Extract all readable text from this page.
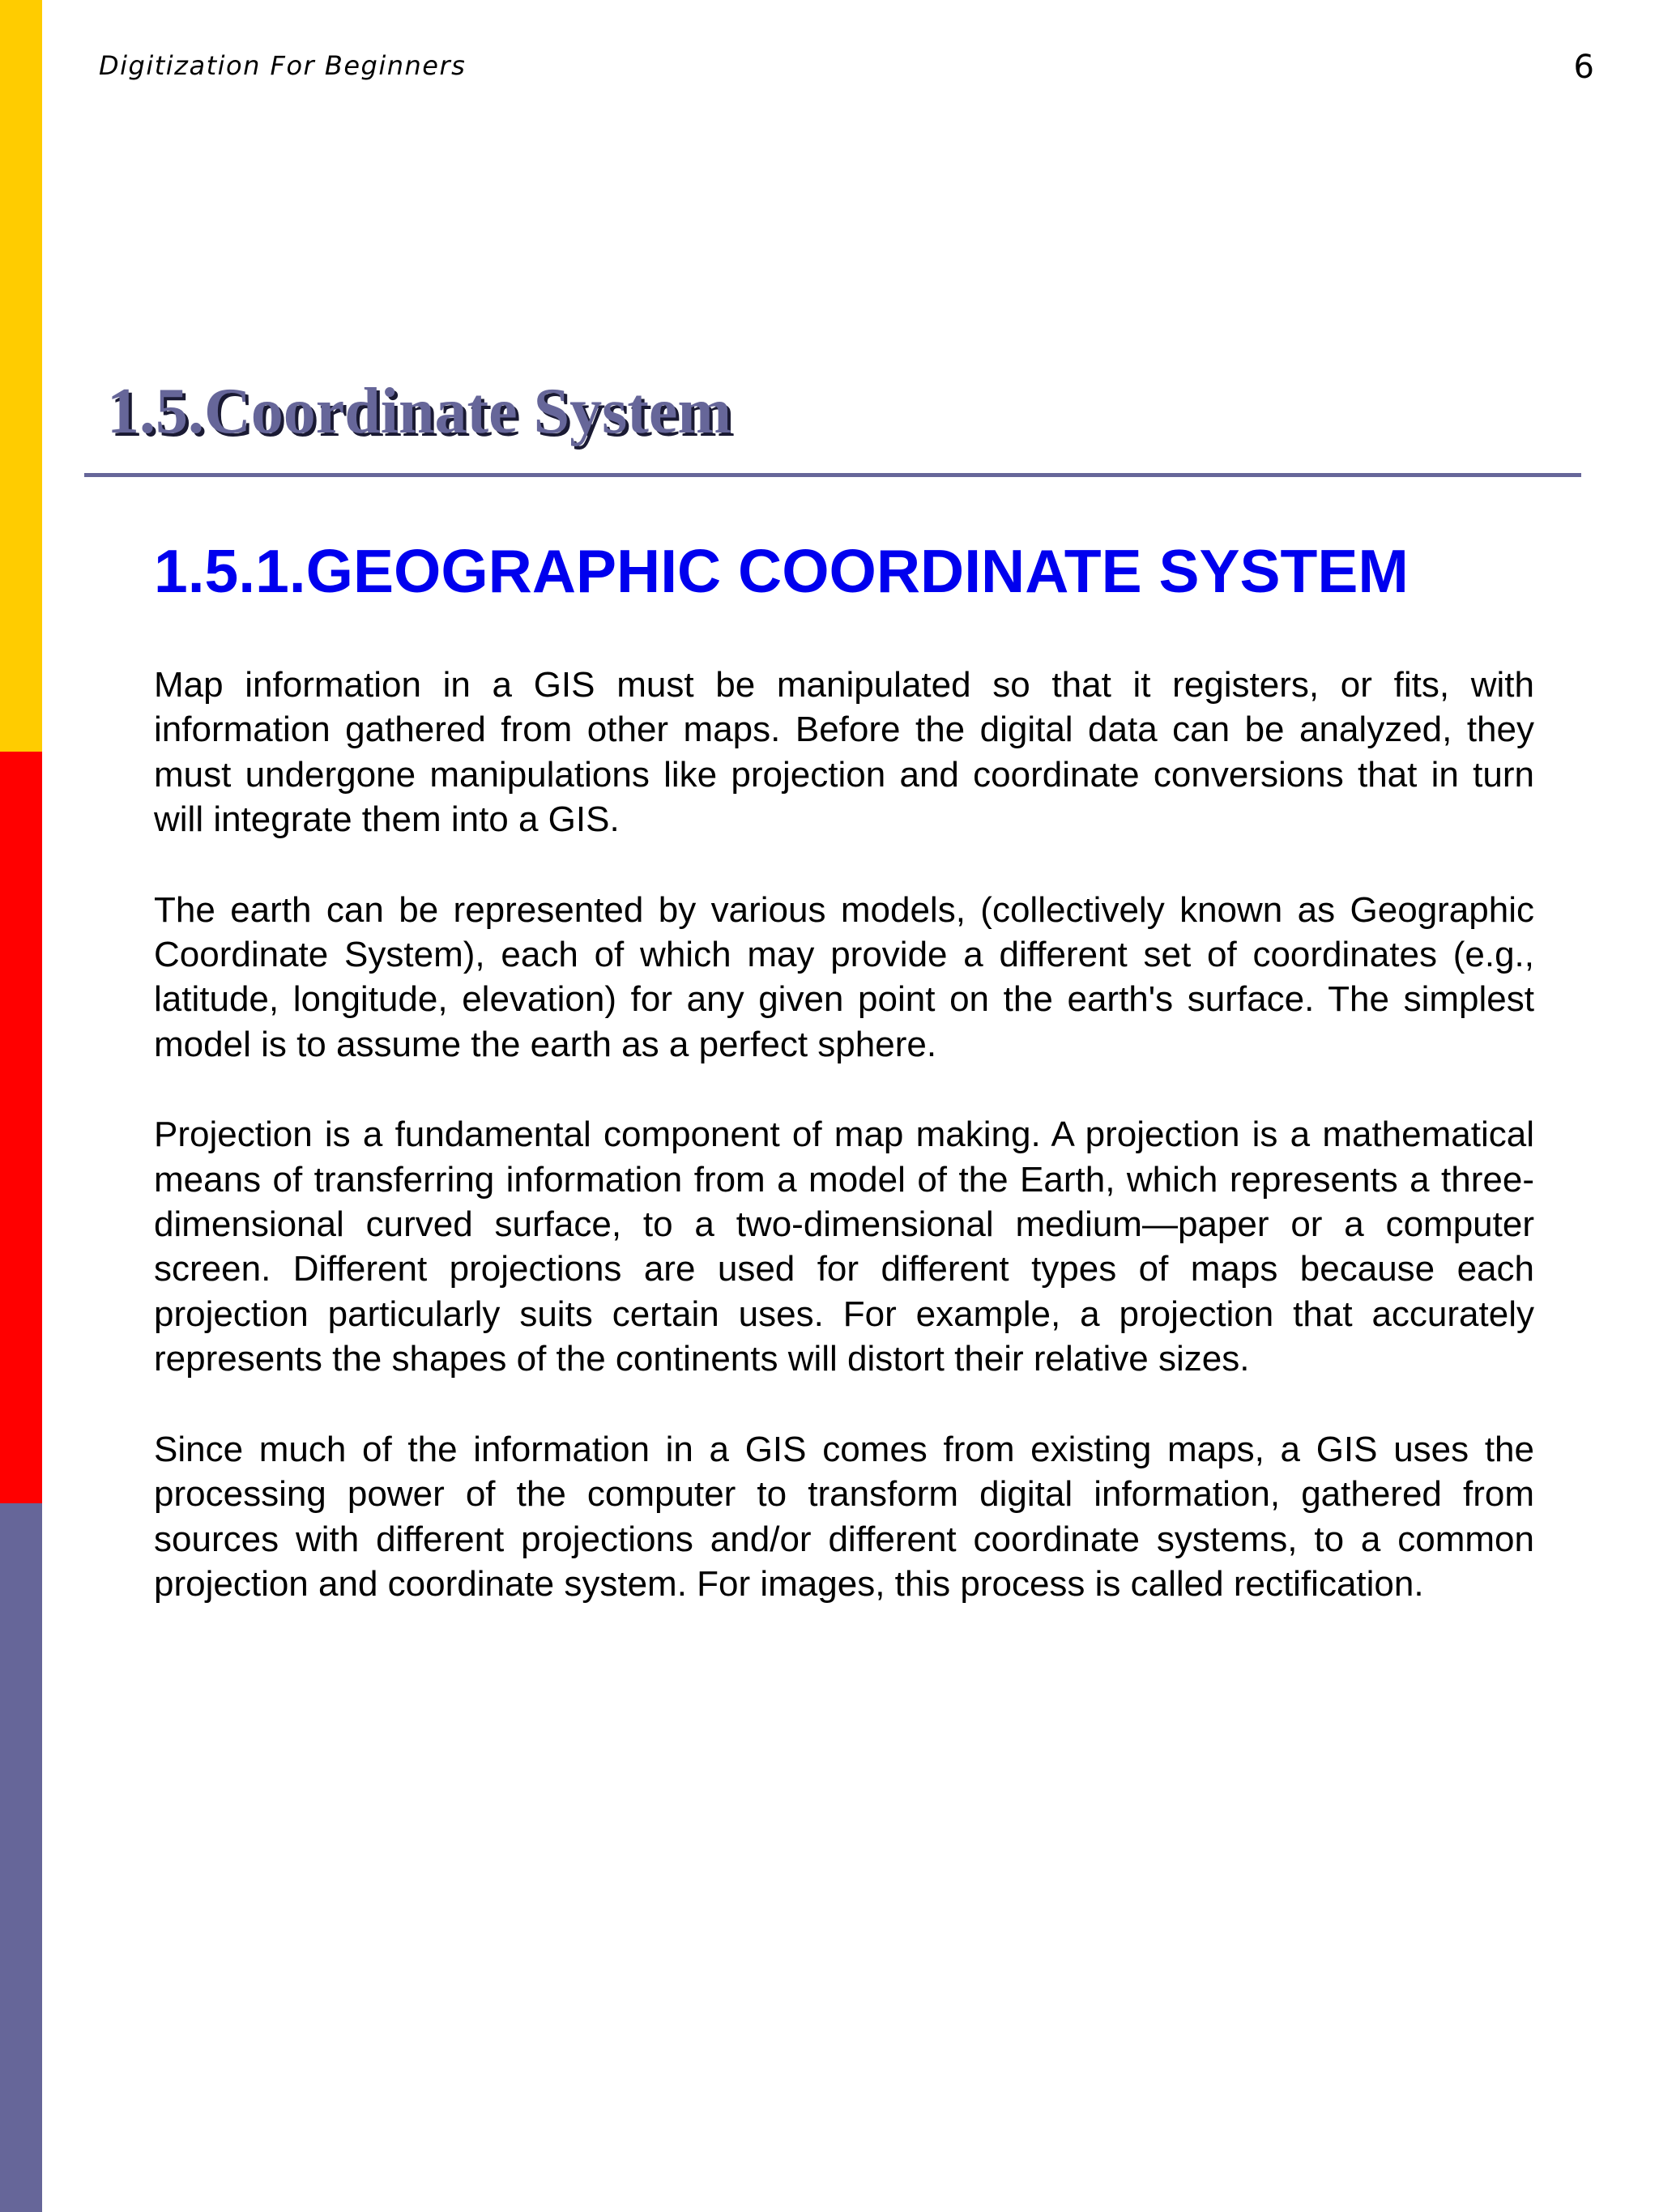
Digitization For Beginners	6
1.5.Coordinate System
1.5.1.GEOGRAPHIC COORDINATE SYSTEM

Map information in a GIS must be manipulated so that it registers, or fits, with information gathered from other maps. Before the digital data can be analyzed, they must undergone manipulations like projection and coordinate conversions that in turn will integrate them into a GIS.

The earth can be represented by various models, (collectively known as Geographic Coordinate System), each of which may provide a different set of coordinates (e.g., latitude, longitude, elevation) for any given point on the earth's surface. The simplest model is to assume the earth as a perfect sphere.

Projection is a fundamental component of map making. A projection is a mathematical means of transferring information from a model of the Earth, which represents a three-dimensional curved surface, to a two-dimensional medium—paper or a computer screen. Different projections are used for different types of maps because each projection particularly suits certain uses. For example, a projection that accurately represents the shapes of the continents will distort their relative sizes.

Since much of the information in a GIS comes from existing maps, a GIS uses the processing power of the computer to transform digital information, gathered from sources with different projections and/or different coordinate systems, to a common projection and coordinate system. For images, this process is called rectification.
